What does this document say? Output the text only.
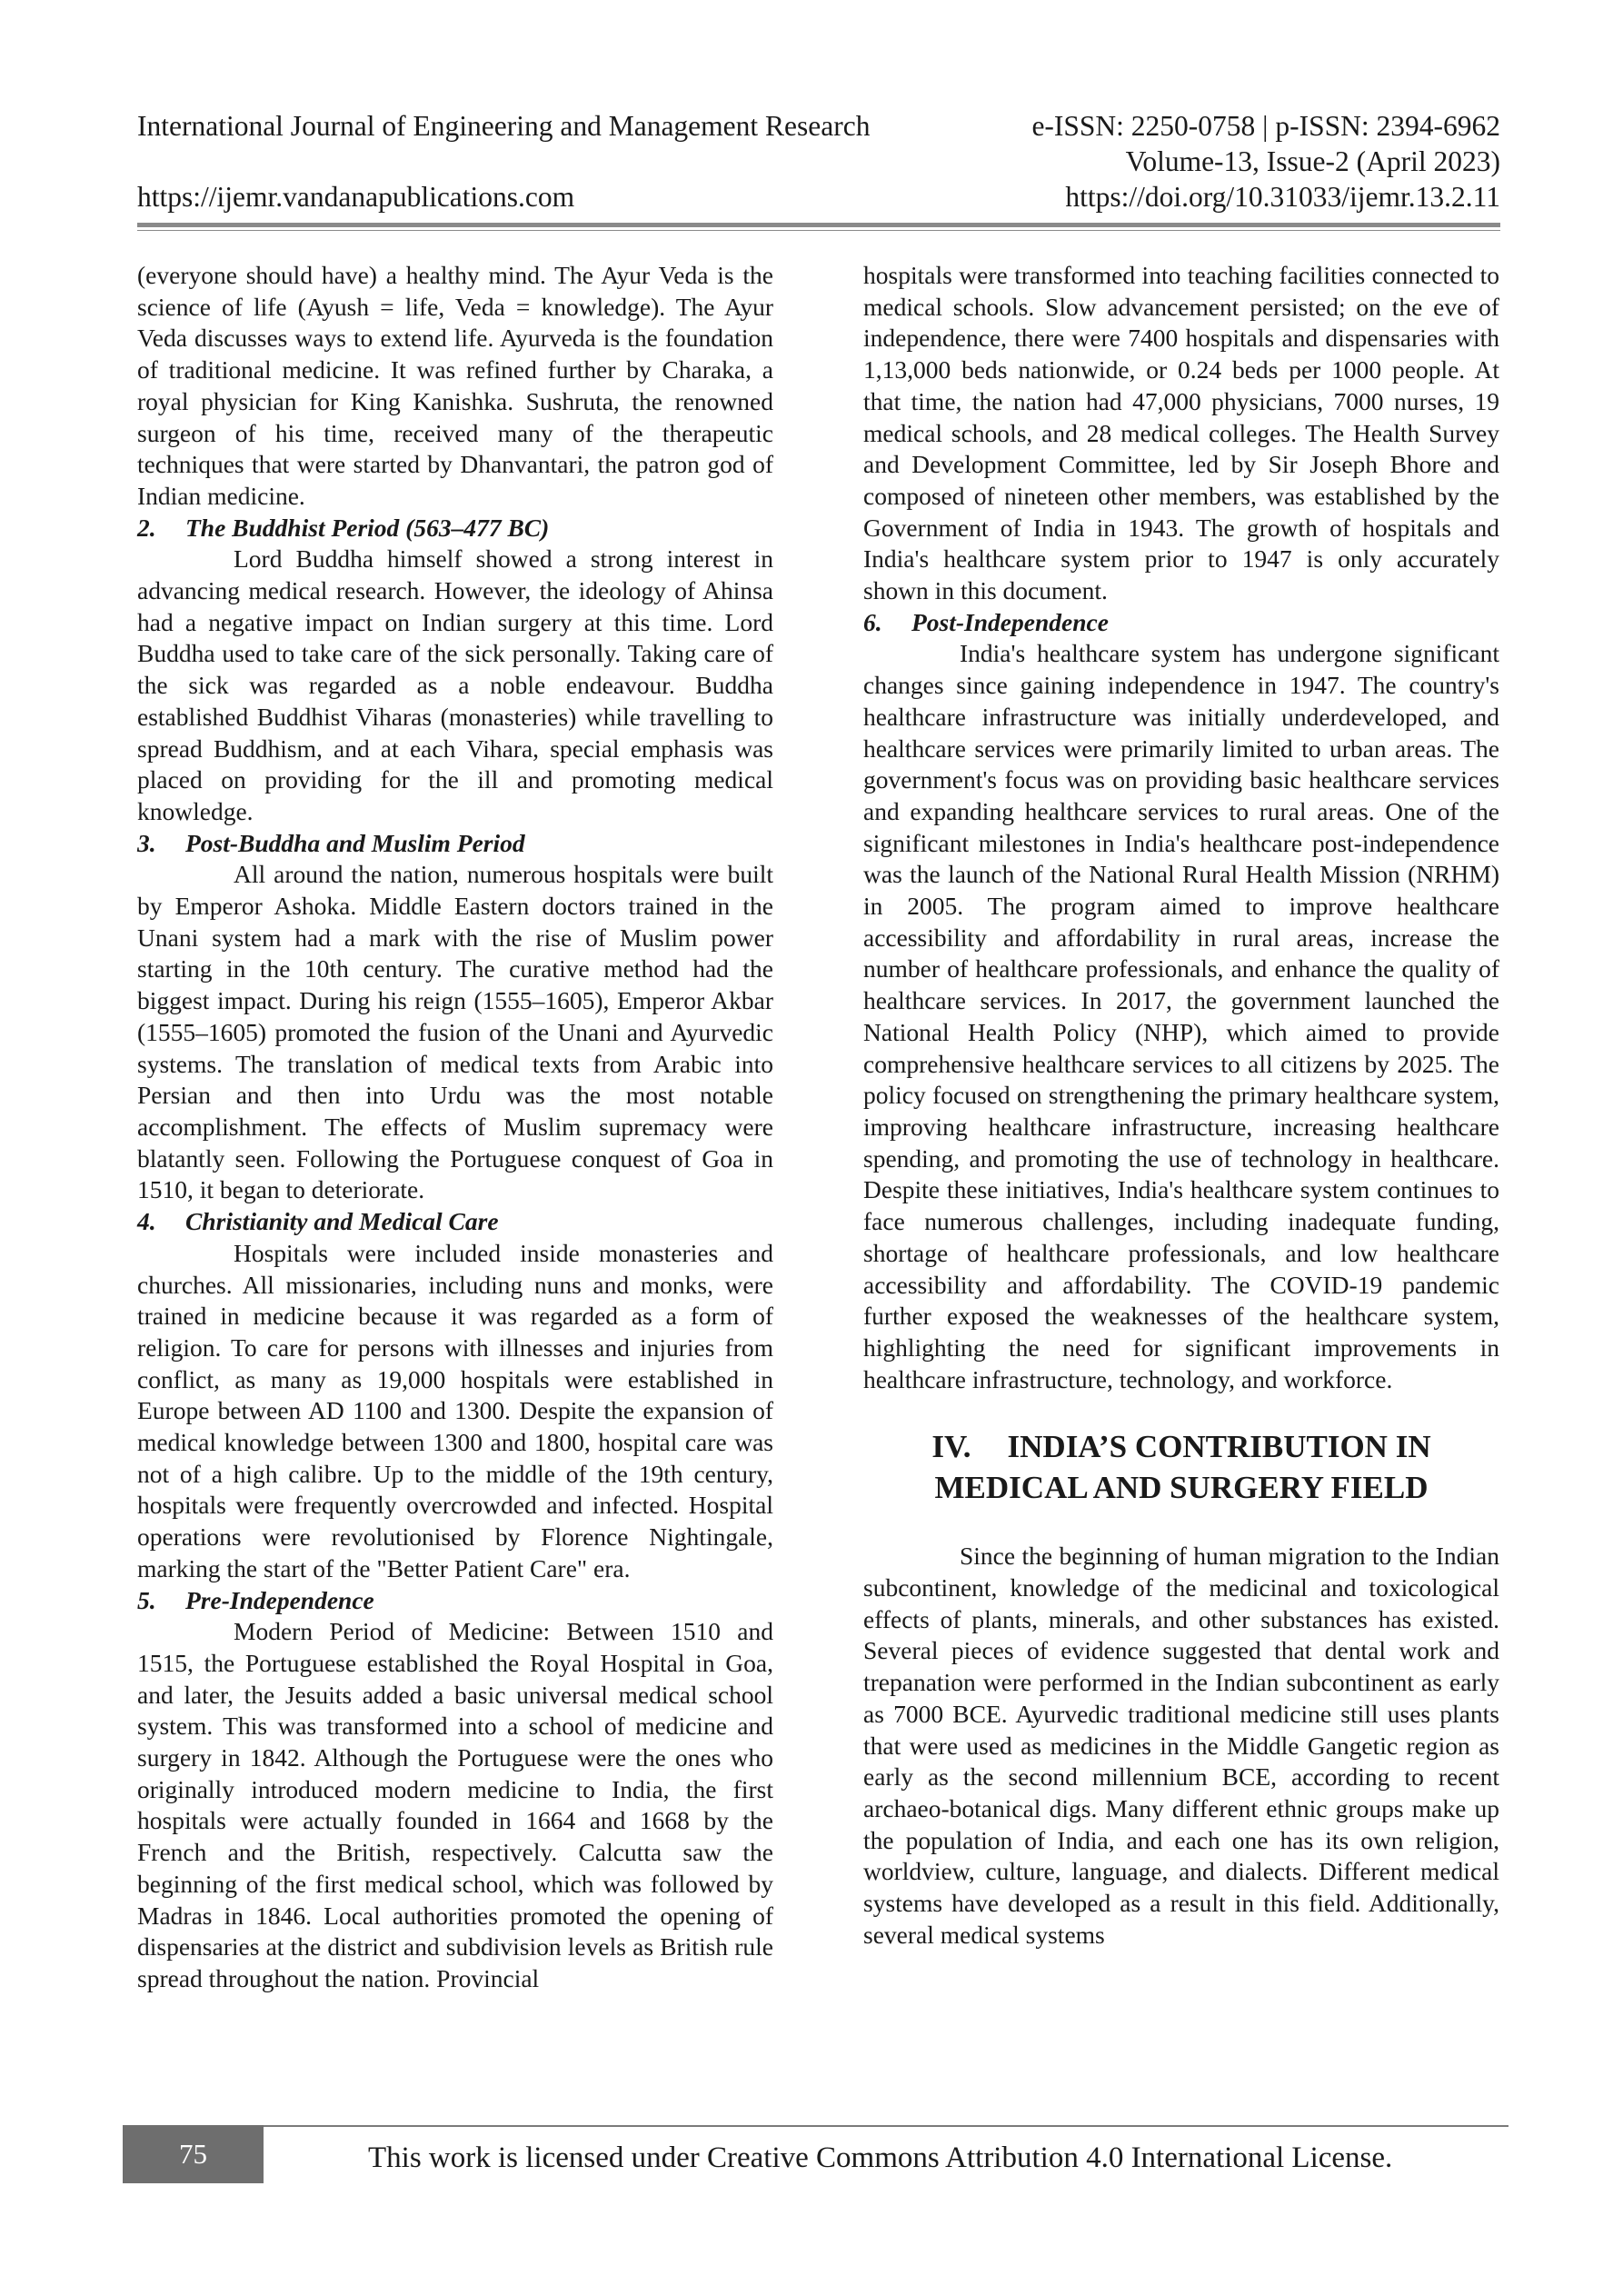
International Journal of Engineering and Management Research	e-ISSN: 2250-0758 | p-ISSN: 2394-6962
Volume-13, Issue-2 (April 2023)
https://ijemr.vandanapublications.com	https://doi.org/10.31033/ijemr.13.2.11

(everyone should have) a healthy mind. The Ayur Veda is the science of life (Ayush = life, Veda = knowledge). The Ayur Veda discusses ways to extend life. Ayurveda is the foundation of traditional medicine. It was refined further by Charaka, a royal physician for King Kanishka. Sushruta, the renowned surgeon of his time, received many of the therapeutic techniques that were started by Dhanvantari, the patron god of Indian medicine.

2. The Buddhist Period (563–477 BC)

Lord Buddha himself showed a strong interest in advancing medical research. However, the ideology of Ahinsa had a negative impact on Indian surgery at this time. Lord Buddha used to take care of the sick personally. Taking care of the sick was regarded as a noble endeavour. Buddha established Buddhist Viharas (monasteries) while travelling to spread Buddhism, and at each Vihara, special emphasis was placed on providing for the ill and promoting medical knowledge.

3. Post-Buddha and Muslim Period

All around the nation, numerous hospitals were built by Emperor Ashoka. Middle Eastern doctors trained in the Unani system had a mark with the rise of Muslim power starting in the 10th century. The curative method had the biggest impact. During his reign (1555–1605), Emperor Akbar (1555–1605) promoted the fusion of the Unani and Ayurvedic systems. The translation of medical texts from Arabic into Persian and then into Urdu was the most notable accomplishment. The effects of Muslim supremacy were blatantly seen. Following the Portuguese conquest of Goa in 1510, it began to deteriorate.

4. Christianity and Medical Care

Hospitals were included inside monasteries and churches. All missionaries, including nuns and monks, were trained in medicine because it was regarded as a form of religion. To care for persons with illnesses and injuries from conflict, as many as 19,000 hospitals were established in Europe between AD 1100 and 1300. Despite the expansion of medical knowledge between 1300 and 1800, hospital care was not of a high calibre. Up to the middle of the 19th century, hospitals were frequently overcrowded and infected. Hospital operations were revolutionised by Florence Nightingale, marking the start of the "Better Patient Care" era.

5. Pre-Independence

Modern Period of Medicine: Between 1510 and 1515, the Portuguese established the Royal Hospital in Goa, and later, the Jesuits added a basic universal medical school system. This was transformed into a school of medicine and surgery in 1842. Although the Portuguese were the ones who originally introduced modern medicine to India, the first hospitals were actually founded in 1664 and 1668 by the French and the British, respectively. Calcutta saw the beginning of the first medical school, which was followed by Madras in 1846. Local authorities promoted the opening of dispensaries at the district and subdivision levels as British rule spread throughout the nation. Provincial

hospitals were transformed into teaching facilities connected to medical schools. Slow advancement persisted; on the eve of independence, there were 7400 hospitals and dispensaries with 1,13,000 beds nationwide, or 0.24 beds per 1000 people. At that time, the nation had 47,000 physicians, 7000 nurses, 19 medical schools, and 28 medical colleges. The Health Survey and Development Committee, led by Sir Joseph Bhore and composed of nineteen other members, was established by the Government of India in 1943. The growth of hospitals and India's healthcare system prior to 1947 is only accurately shown in this document.

6. Post-Independence

India's healthcare system has undergone significant changes since gaining independence in 1947. The country's healthcare infrastructure was initially underdeveloped, and healthcare services were primarily limited to urban areas. The government's focus was on providing basic healthcare services and expanding healthcare services to rural areas. One of the significant milestones in India's healthcare post-independence was the launch of the National Rural Health Mission (NRHM) in 2005. The program aimed to improve healthcare accessibility and affordability in rural areas, increase the number of healthcare professionals, and enhance the quality of healthcare services. In 2017, the government launched the National Health Policy (NHP), which aimed to provide comprehensive healthcare services to all citizens by 2025. The policy focused on strengthening the primary healthcare system, improving healthcare infrastructure, increasing healthcare spending, and promoting the use of technology in healthcare. Despite these initiatives, India's healthcare system continues to face numerous challenges, including inadequate funding, shortage of healthcare professionals, and low healthcare accessibility and affordability. The COVID-19 pandemic further exposed the weaknesses of the healthcare system, highlighting the need for significant improvements in healthcare infrastructure, technology, and workforce.

IV. INDIA’S CONTRIBUTION IN
MEDICAL AND SURGERY FIELD

Since the beginning of human migration to the Indian subcontinent, knowledge of the medicinal and toxicological effects of plants, minerals, and other substances has existed. Several pieces of evidence suggested that dental work and trepanation were performed in the Indian subcontinent as early as 7000 BCE. Ayurvedic traditional medicine still uses plants that were used as medicines in the Middle Gangetic region as early as the second millennium BCE, according to recent archaeo-botanical digs. Many different ethnic groups make up the population of India, and each one has its own religion, worldview, culture, language, and dialects. Different medical systems have developed as a result in this field. Additionally, several medical systems

75	This work is licensed under Creative Commons Attribution 4.0 International License.
